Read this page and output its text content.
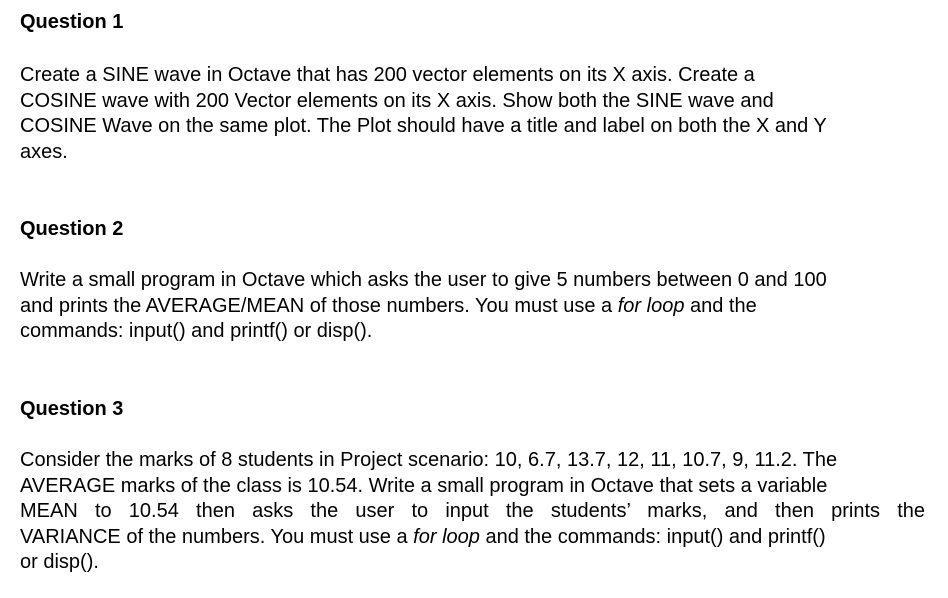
Question 1

Create a SINE wave in Octave that has 200 vector elements on its X axis. Create a
COSINE wave with 200 Vector elements on its X axis. Show both the SINE wave and
COSINE Wave on the same plot. The Plot should have a title and label on both the X and Y
axes.

Question 2

Write a small program in Octave which asks the user to give 5 numbers between 0 and 100
and prints the AVERAGE/MEAN of those numbers. You must use a for loop and the
commands: input() and printf() or disp().

Question 3

Consider the marks of 8 students in Project scenario: 10, 6.7, 13.7, 12, 11, 10.7, 9, 11.2. The
AVERAGE marks of the class is 10.54. Write a small program in Octave that sets a variable
MEAN to 10.54 then asks the user to input the students’ marks, and then prints the
VARIANCE of the numbers. You must use a for loop and the commands: input() and printf()
or disp().
